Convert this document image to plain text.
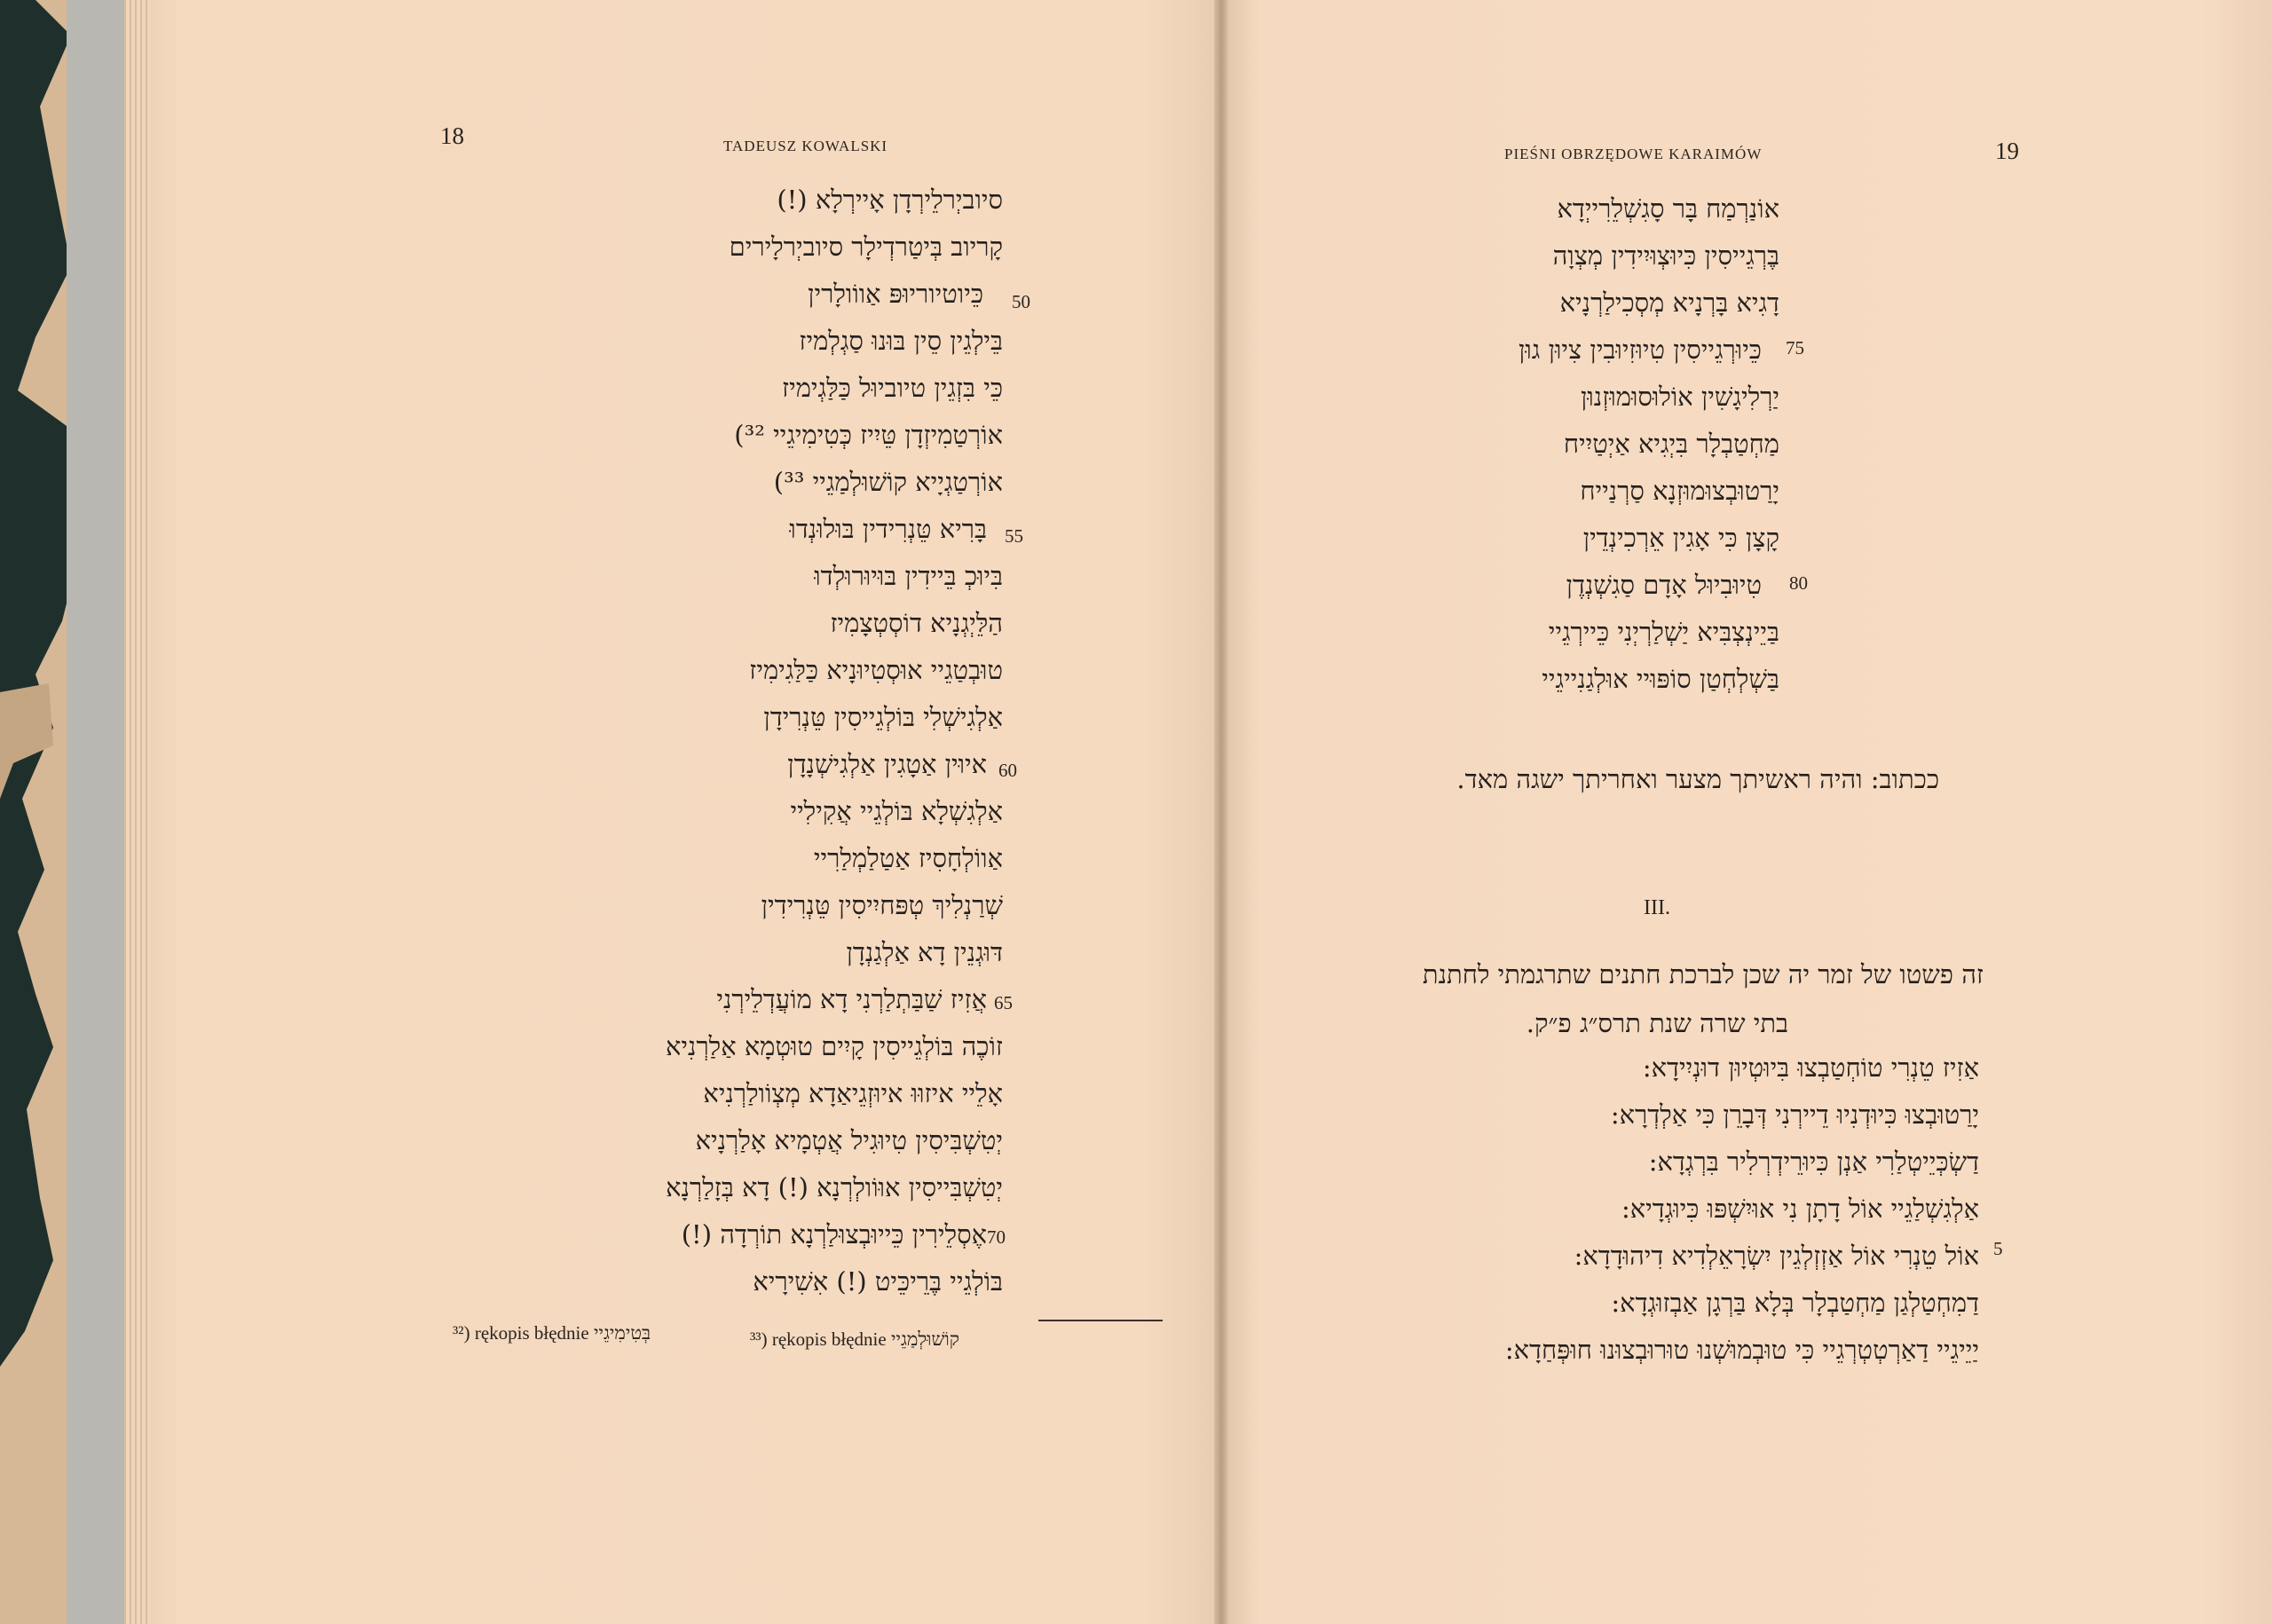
18	TADEUSZ KOWALSKI
סיוביְרלֵירְדָן אָיירְלָא (!)
קָריוב בְּיטַרדְילָר סיוביְרלָירים
כֵּיוטיוריוּפּ אַווֹולָרין
בֵּילְגֵין סֵין בּוּנוּ סַגְלְמיז
כֵּי בִּזְגֵין טיוביוּל כַּלַּגְימיז
אוֹרְטַמִיזְדָן טֵּיִיז כְּטִימִיגֵיי ³²)
אוֹרְטַגְיָיא קוֹשׁוּלְמַגֵיי ³³)
בָּרִיא טֵּנְרִידין בּוּלוּנְדוּ
בִּיוּכְ בֵּיידִין בּוּיוּרוּלְדוּ
הַלֵּיְגְנָיא דוֹסְטְצָמִיז
טוּבְטַגֵיי אוּסְטִיוּנָיא כַּלַּגִימִיז
אַלְגִישְׁלִי בּוֹלְגֵייסִין טֵּנְרִידָן
איוּין אַטָגִין אַלְגִישְׁנָדָן
אַלְגִשְׁלָא בּוֹלְגֵיי אֲקִילִיי
אַווֹלְחָסִיז אַטַלַמְלַרִיי
שְׁרַנְלִיךְ טְפּחיִיסִין טֵּנְרִידִין
דּוּגְנֵין דָא אַלְגַנְדָן
אֲזִיז שַׁבַּתְלַרְנִי דָא מוֹעֲדְלֵירְנִי
זוֹכֶה בּוֹלְגֵייסִין קָיִים טוּטְמָא אַלַרְנִיא
אָלֵיי איזוּוּ איוּזְגֵיאַדָא מְצְוֹולַרְנִיא
יְטִשְׁבִּיסִין טִיוּגִיל אֲטְמָיא אָלַרְנָיא
יְטִשְׁבִּייסִין אוּוֹולְרְנָא (!) דָא בְּזָלַרְנָא
אֶסְלֵירִין כֵּייוּבְצוּלַרְנָא תוֹרְדָה (!)
בּוֹלְגֵיי בֶּרֵיכֵּיט (!) אִשִׁירָיא
50
55
60
65
70
³²) rękopis błędnie בְּטִימִיגֵיי	³³) rękopis błędnie קוֹשׁוּלְמַגֵיי
PIEŚNI OBRZĘDOWE KARAIMÓW	19
אוֹנַרְמַח בָּר סָגִשְׁלֵרִייְדָא
בֶּרְגֵייסִין כִּיוּצְוּיִידִין מְצְוָה
דָגִיא בָּרְנָיא מְסְכִילַרְנָיא
כֵּיוּרְגֵייסִין טִיוּזִיוּבִין צִיוּן גוּן
יַרְלִיגָשִׁין אוֹלוּסוּמוּזְנוּן
מַחְטַבְלָר בִּיְגִיא אַיְטַיִיח
יָרַטוּבְצוּמוּזְנָא סַרְנַייח
קָצָן כִּי אָגִין אֵרְכִינְדֵין
טִיוּבִיוּל אָדָם סַגִשְׁנְדֶן
בַּיֵינְצְבִּיא יַשְׁלַרְיְנִי כֵּיירְגֵיי
בַּשְׁלְחְטַן סוֹפּוּיי אוּלְגַנִייגֵיי
75
80
ככתוב: והיה ראשיתך מצער ואחריתך ישגה מאד.
III.
זה פשטו של זמר יה שכן לברכת חתנים שתרגמתי לחתנת
בתי שרה שנת תרס״ג פ״ק.
אַזִיז טֵנְרִי טוֹחְטַבְצוּ בִּיוּטְיוּן דוּנְיִידָא:
יָרַטוּבְצוּ כִּיוּדְנִיוּ דֵיירְנִי דְּבָרֵן כִּי אַלְדְרָא:
דַשְׂכְּיֵיטְלַרִי אַנְן כִּיוּרֵידְרְלִיר בִּרְגְדָא:
אַלְגִשְׁלַגֵיי אוֹל דָתָן נִי אוּיִשְׁפּוּ כִּיוּגְדָיא:
אוֹל טֵנְרִי אוֹל אַזְזְלְגֵין יִשְׂרָאֵלְדִיא דִיהוּדָדָא:
דַמִחְטַלְגַן מַחְטַבְלָר בְּלָא בַּרְגָן אַבְזוּגְדָא:
יַיֵיגֵיי דַאַרְטְטְרְגֵיי כִּי טוּבְמוּשְׁנוּ טוּרוּבְצוּנוּ חוּפְּחַדָא:
5
